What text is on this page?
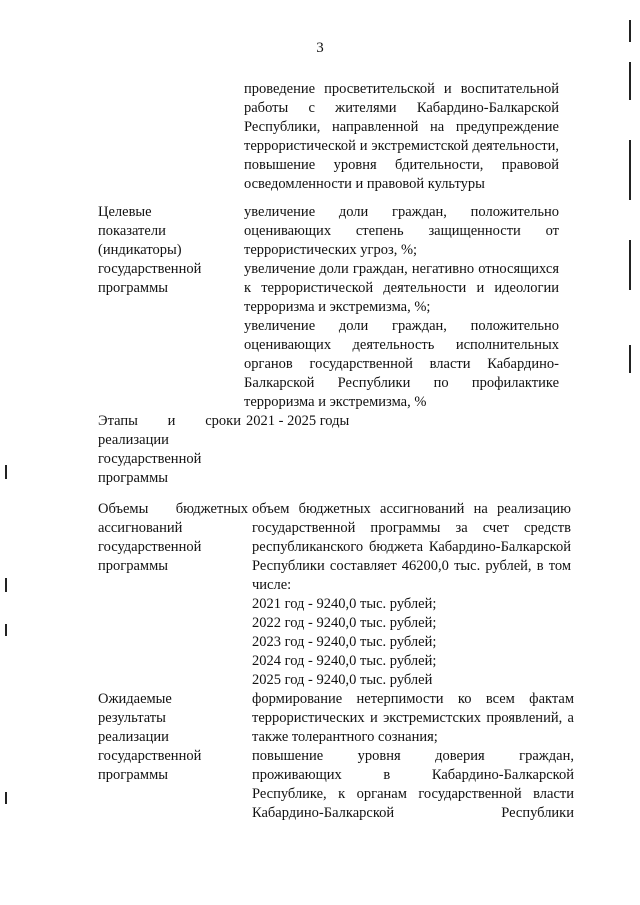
3

проведение просветительской и воспитательной работы с жителями Кабардино-Балкарской Республики, направленной на предупреждение террористической и экстремистской деятельности, повышение уровня бдительности, правовой осведомленности и правовой культуры

Целевые
показатели
(индикаторы)
государственной
программы

увеличение доли граждан, положительно оценивающих степень защищенности от террористических угроз, %;

увеличение доли граждан, негативно относящихся к террористической деятельности и идеологии терроризма и экстремизма, %;

увеличение доли граждан, положительно оценивающих деятельность исполнительных органов государственной власти Кабардино-Балкарской Республики по профилактике терроризма и экстремизма, %

Этапы и сроки
реализации
государственной
программы

2021 - 2025 годы

Объемы бюджетных
ассигнований
государственной
программы

объем бюджетных ассигнований на реализацию государственной программы за счет средств республиканского бюджета Кабардино-Балкарской Республики составляет 46200,0 тыс. рублей, в том числе:

2021 год - 9240,0 тыс. рублей;

2022 год - 9240,0 тыс. рублей;

2023 год - 9240,0 тыс. рублей;

2024 год - 9240,0 тыс. рублей;

2025 год - 9240,0 тыс. рублей

Ожидаемые
результаты
реализации
государственной
программы

формирование нетерпимости ко всем фактам террористических и экстремистских проявлений, а также толерантного сознания;

повышение уровня доверия граждан, проживающих в Кабардино-Балкарской Республике, к органам государственной власти Кабардино-Балкарской Республики
